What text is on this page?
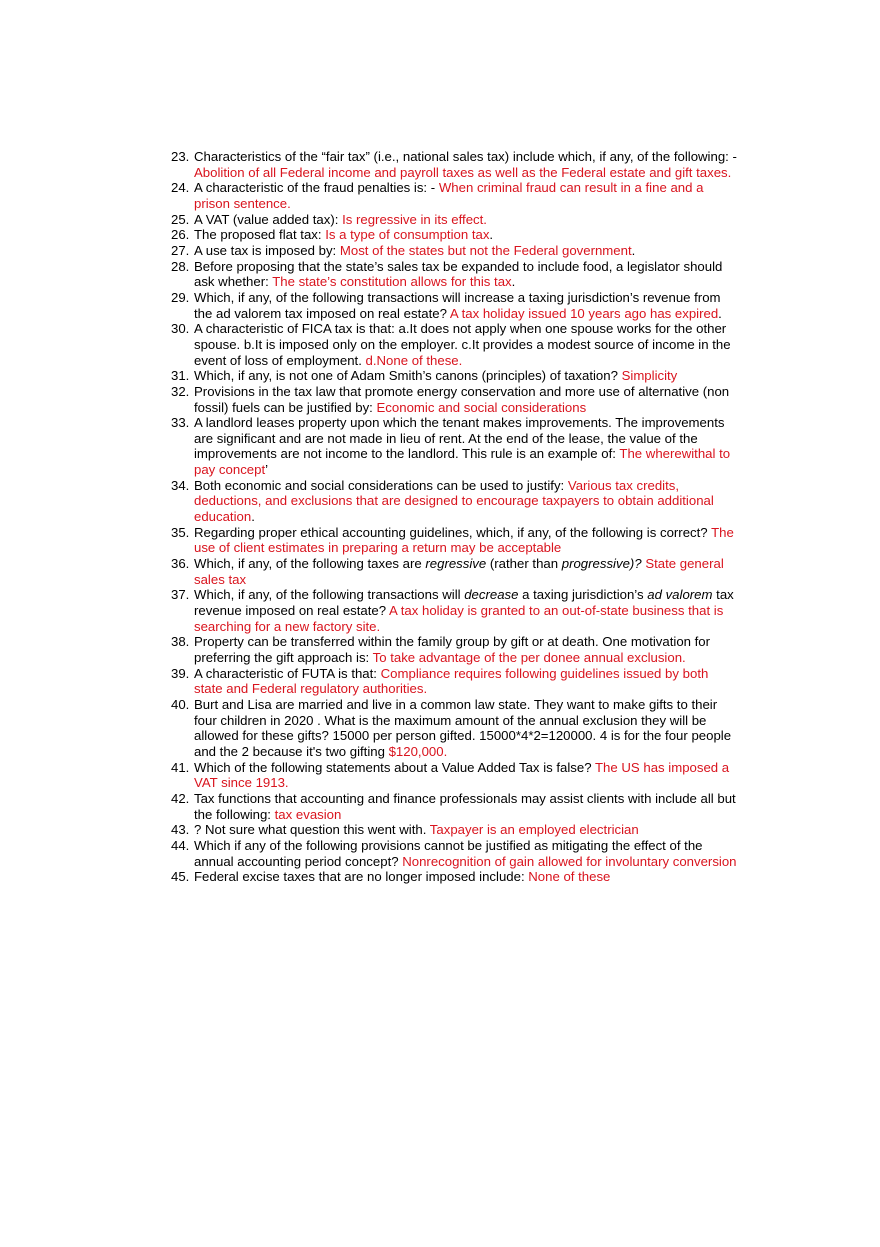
23. Characteristics of the “fair tax” (i.e., national sales tax) include which, if any, of the following: - Abolition of all Federal income and payroll taxes as well as the Federal estate and gift taxes.
24. A characteristic of the fraud penalties is: - When criminal fraud can result in a fine and a prison sentence.
25. A VAT (value added tax): Is regressive in its effect.
26. The proposed flat tax: Is a type of consumption tax.
27. A use tax is imposed by: Most of the states but not the Federal government.
28. Before proposing that the state’s sales tax be expanded to include food, a legislator should ask whether: The state’s constitution allows for this tax.
29. Which, if any, of the following transactions will increase a taxing jurisdiction’s revenue from the ad valorem tax imposed on real estate? A tax holiday issued 10 years ago has expired.
30. A characteristic of FICA tax is that: a.It does not apply when one spouse works for the other spouse. b.It is imposed only on the employer. c.It provides a modest source of income in the event of loss of employment. d.None of these.
31. Which, if any, is not one of Adam Smith’s canons (principles) of taxation? Simplicity
32. Provisions in the tax law that promote energy conservation and more use of alternative (non fossil) fuels can be justified by: Economic and social considerations
33. A landlord leases property upon which the tenant makes improvements. The improvements are significant and are not made in lieu of rent. At the end of the lease, the value of the improvements are not income to the landlord. This rule is an example of: The wherewithal to pay concept’
34. Both economic and social considerations can be used to justify: Various tax credits, deductions, and exclusions that are designed to encourage taxpayers to obtain additional education.
35. Regarding proper ethical accounting guidelines, which, if any, of the following is correct? The use of client estimates in preparing a return may be acceptable
36. Which, if any, of the following taxes are regressive (rather than progressive)? State general sales tax
37. Which, if any, of the following transactions will decrease a taxing jurisdiction’s ad valorem tax revenue imposed on real estate? A tax holiday is granted to an out-of-state business that is searching for a new factory site.
38. Property can be transferred within the family group by gift or at death. One motivation for preferring the gift approach is: To take advantage of the per donee annual exclusion.
39. A characteristic of FUTA is that: Compliance requires following guidelines issued by both state and Federal regulatory authorities.
40. Burt and Lisa are married and live in a common law state. They want to make gifts to their four children in 2020 . What is the maximum amount of the annual exclusion they will be allowed for these gifts? 15000 per person gifted. 15000*4*2=120000. 4 is for the four people and the 2 because it's two gifting $120,000.
41. Which of the following statements about a Value Added Tax is false? The US has imposed a VAT since 1913.
42. Tax functions that accounting and finance professionals may assist clients with include all but the following: tax evasion
43. ? Not sure what question this went with. Taxpayer is an employed electrician
44. Which if any of the following provisions cannot be justified as mitigating the effect of the annual accounting period concept? Nonrecognition of gain allowed for involuntary conversion
45. Federal excise taxes that are no longer imposed include: None of these
